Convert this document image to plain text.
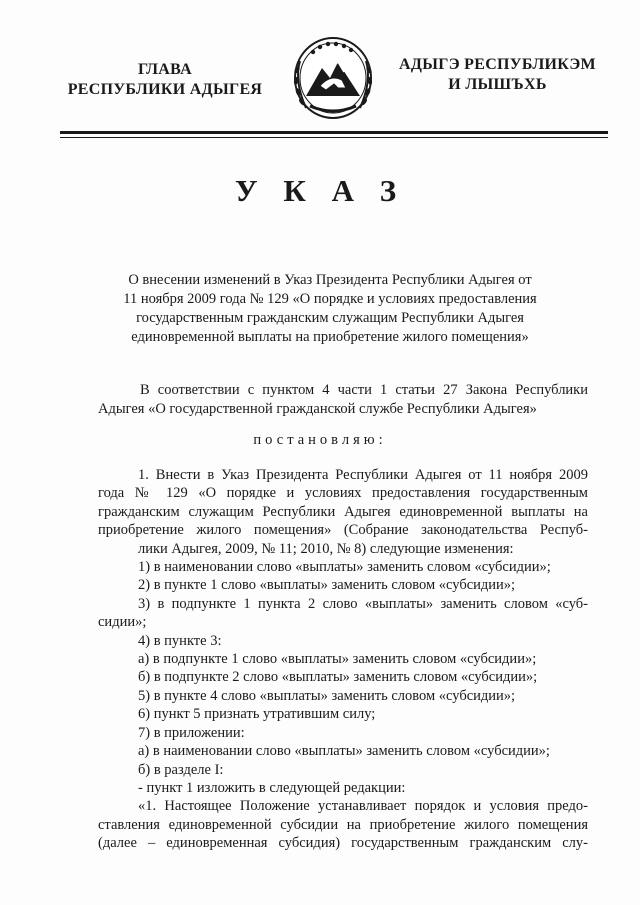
ГЛАВА
РЕСПУБЛИКИ АДЫГЕЯ
АДЫГЭ РЕСПУБЛИКЭМ
И ЛЫШЪХЬ
У К А З
О внесении изменений в Указ Президента Республики Адыгея от
11 ноября 2009 года № 129 «О порядке и условиях предоставления
государственным гражданским служащим Республики Адыгея
единовременной выплаты на приобретение жилого помещения»
В соответствии с пунктом 4 части 1 статьи 27 Закона Республики
Адыгея «О государственной гражданской службе Республики Адыгея»
постановляю:

1. Внести в Указ Президента Республики Адыгея от 11 ноября 2009

года № 129 «О порядке и условиях предоставления государственным

гражданским служащим Республики Адыгея единовременной выплаты на

приобретение жилого помещения» (Собрание законодательства Респуб-

лики Адыгея, 2009, № 11; 2010, № 8) следующие изменения:

1) в наименовании слово «выплаты» заменить словом «субсидии»;

2) в пункте 1 слово «выплаты» заменить словом «субсидии»;

3) в подпункте 1 пункта 2 слово «выплаты» заменить словом «суб-

сидии»;

4) в пункте 3:

а) в подпункте 1 слово «выплаты» заменить словом «субсидии»;

б) в подпункте 2 слово «выплаты» заменить словом «субсидии»;

5) в пункте 4 слово «выплаты» заменить словом «субсидии»;

6) пункт 5 признать утратившим силу;

7) в приложении:

а) в наименовании слово «выплаты» заменить словом «субсидии»;

б) в разделе I:

- пункт 1 изложить в следующей редакции:

«1. Настоящее Положение устанавливает порядок и условия предо-

ставления единовременной субсидии на приобретение жилого помещения

(далее – единовременная субсидия) государственным гражданским слу-
